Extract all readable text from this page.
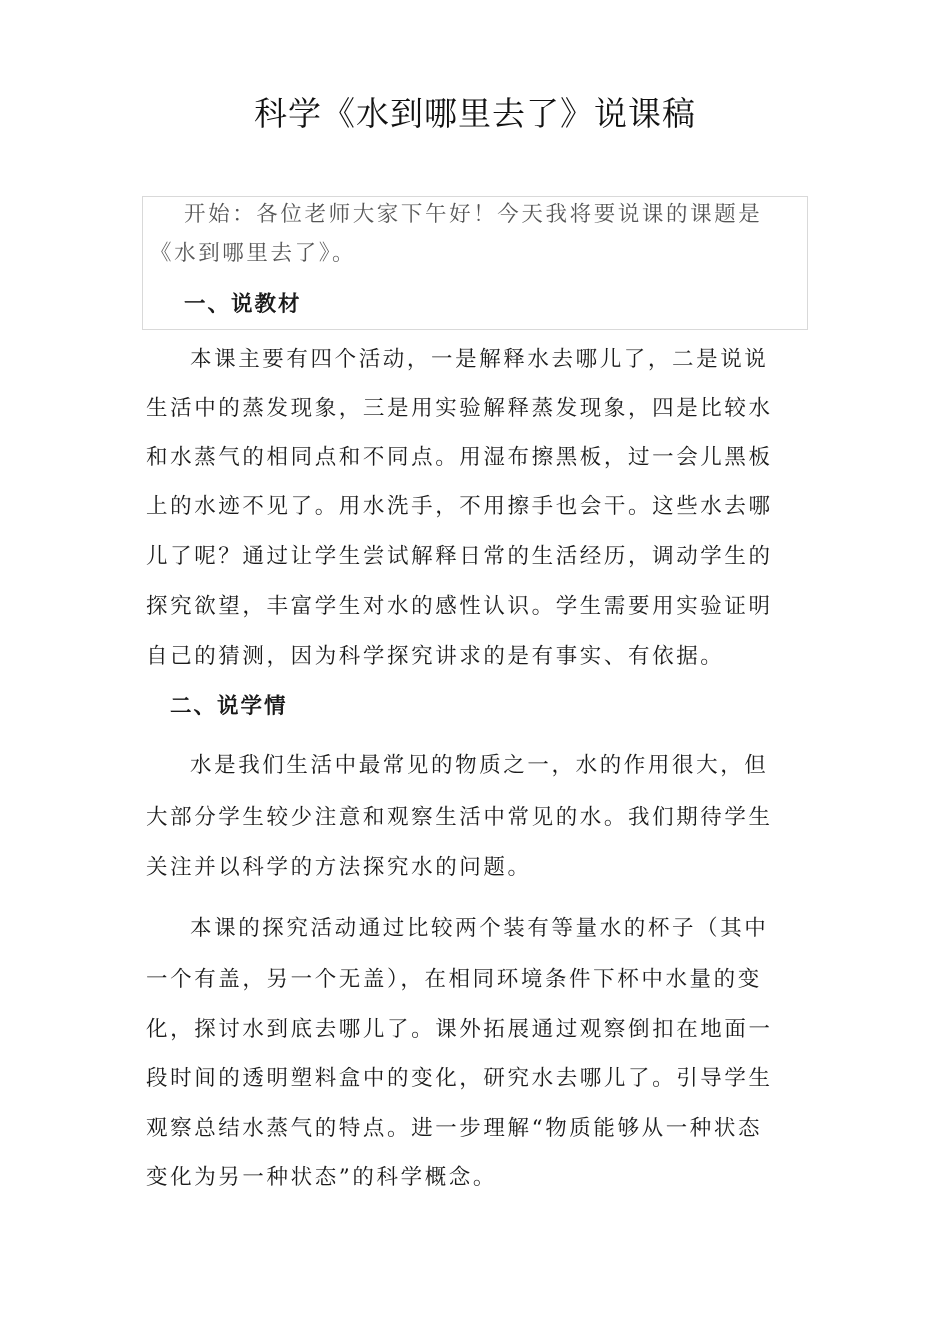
科学《水到哪里去了》说课稿

开始：各位老师大家下午好！今天我将要说课的课题是

《水到哪里去了》。

一、说教材

本课主要有四个活动，一是解释水去哪儿了，二是说说

生活中的蒸发现象，三是用实验解释蒸发现象，四是比较水

和水蒸气的相同点和不同点。用湿布擦黑板，过一会儿黑板

上的水迹不见了。用水洗手，不用擦手也会干。这些水去哪

儿了呢？通过让学生尝试解释日常的生活经历，调动学生的

探究欲望，丰富学生对水的感性认识。学生需要用实验证明

自己的猜测，因为科学探究讲求的是有事实、有依据。

二、说学情

水是我们生活中最常见的物质之一，水的作用很大，但

大部分学生较少注意和观察生活中常见的水。我们期待学生

关注并以科学的方法探究水的问题。

本课的探究活动通过比较两个装有等量水的杯子（其中

一个有盖，另一个无盖），在相同环境条件下杯中水量的变

化，探讨水到底去哪儿了。课外拓展通过观察倒扣在地面一

段时间的透明塑料盒中的变化，研究水去哪儿了。引导学生

观察总结水蒸气的特点。进一步理解“物质能够从一种状态

变化为另一种状态”的科学概念。
